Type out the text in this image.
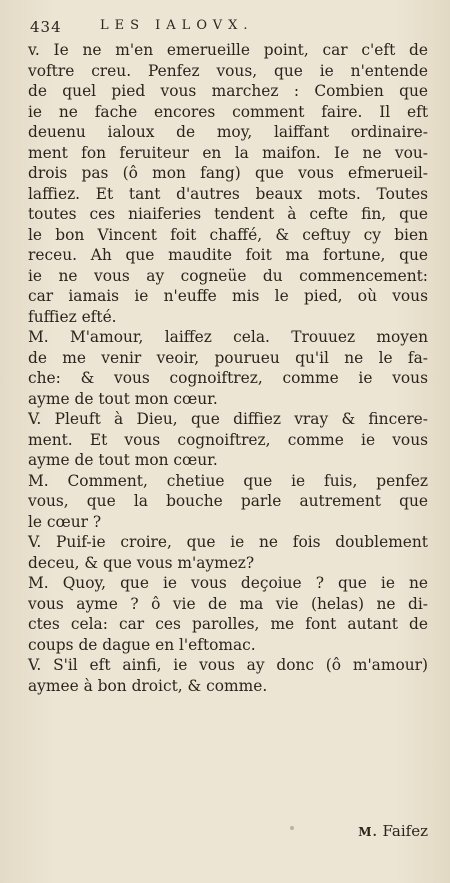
434	LES IALOVX.
v. Ie ne m'en emerueille point, car c'eft de
voftre creu. Penfez vous, que ie n'entende
de quel pied vous marchez : Combien que
ie ne fache encores comment faire. Il eft
deuenu ialoux de moy, laiffant ordinaire-
ment fon feruiteur en la maifon. Ie ne vou-
drois pas (ô mon fang) que vous efmerueil-
laffiez. Et tant d'autres beaux mots. Toutes
toutes ces niaiferies tendent à cefte fin, que
le bon Vincent foit chaffé, & ceftuy cy bien
receu. Ah que maudite foit ma fortune, que
ie ne vous ay cogneüe du commencement:
car iamais ie n'euffe mis le pied, où vous
fuffiez efté.
M. M'amour, laiffez cela. Trouuez moyen
de me venir veoir, pourueu qu'il ne le fa-
che: & vous cognoiftrez, comme ie vous
ayme de tout mon cœur.
V. Pleuft à Dieu, que diffiez vray & fincere-
ment. Et vous cognoiftrez, comme ie vous
ayme de tout mon cœur.
M. Comment, chetiue que ie fuis, penfez
vous, que la bouche parle autrement que
le cœur ?
V. Puif-ie croire, que ie ne fois doublement
deceu, & que vous m'aymez?
M. Quoy, que ie vous deçoiue ? que ie ne
vous ayme ? ô vie de ma vie (helas) ne di-
ctes cela: car ces parolles, me font autant de
coups de dague en l'eftomac.
V. S'il eft ainfi, ie vous ay donc (ô m'amour)
aymee à bon droict, & comme.
M. Faifez
